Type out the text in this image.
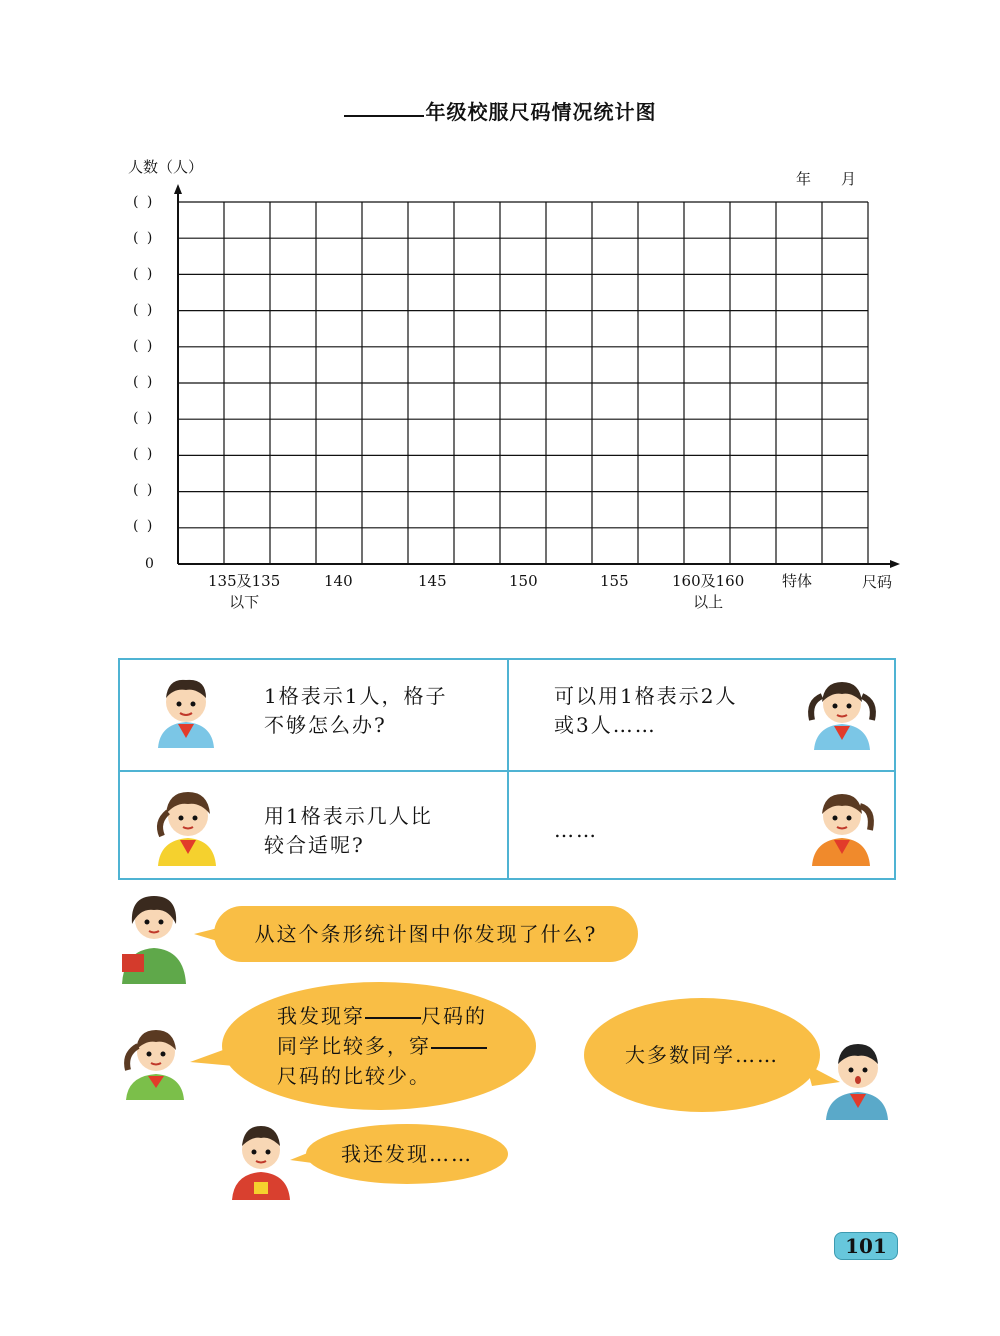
年级校服尺码情况统计图
人数（人）
年 月
( )
( )
( )
( )
( )
( )
( )
( )
( )
( )
0
135及135
以下
140	145	150	155	160及160
以上
特体	尺码
1格表示1人，格子
不够怎么办?
可以用1格表示2人
或3人……
用1格表示几人比
较合适呢?
……
从这个条形统计图中你发现了什么?
我发现穿	尺码的
同学比较多，穿
尺码的比较少。
大多数同学……
我还发现……
101
